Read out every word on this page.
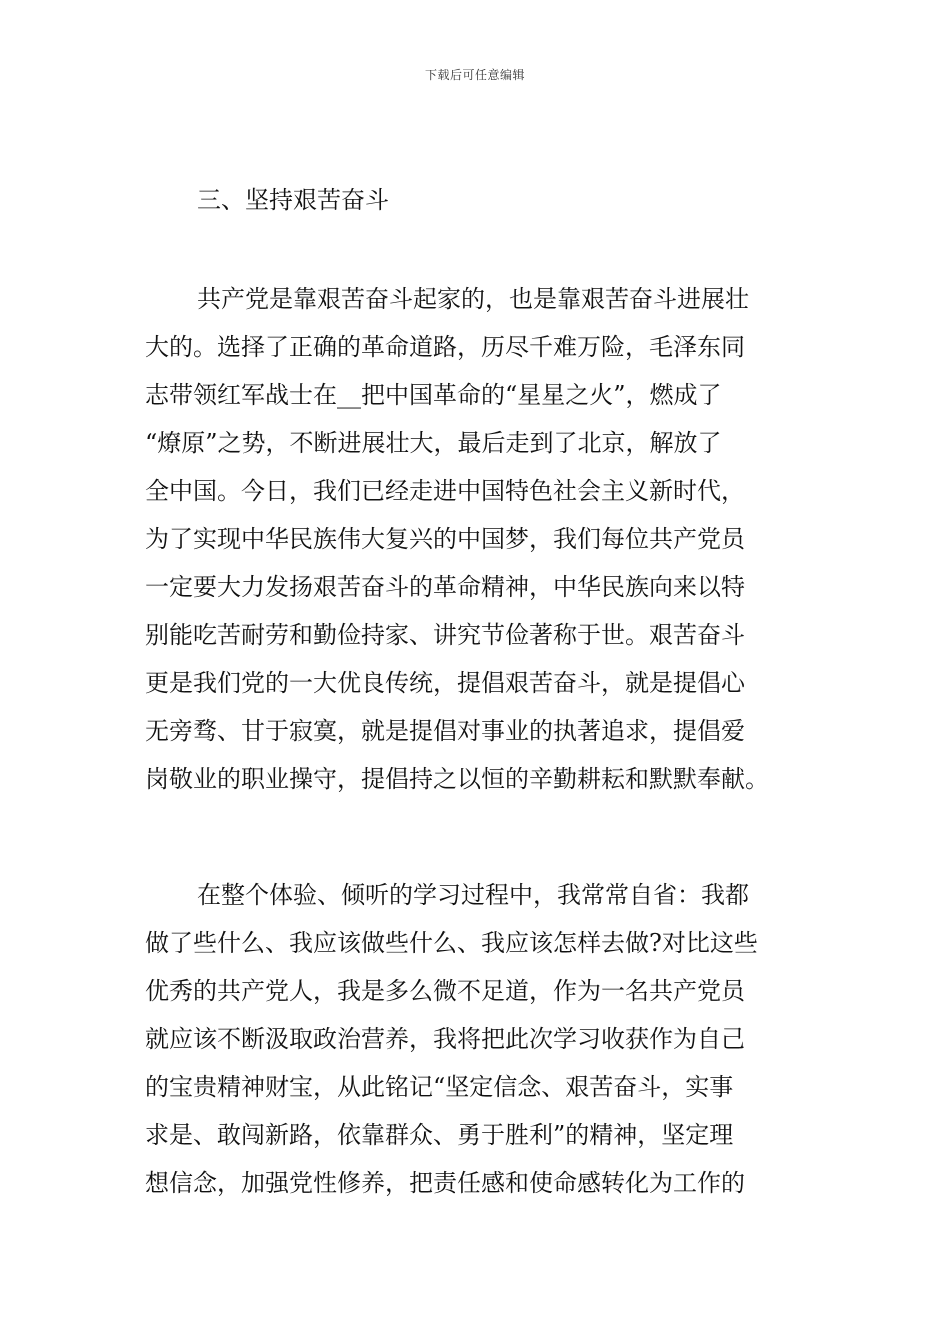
下载后可任意编辑
三、坚持艰苦奋斗
共产党是靠艰苦奋斗起家的，也是靠艰苦奋斗进展壮
大的。选择了正确的革命道路，历尽千难万险，毛泽东同
志带领红军战士在__把中国革命的“星星之火”，燃成了
“燎原”之势，不断进展壮大，最后走到了北京，解放了
全中国。今日，我们已经走进中国特色社会主义新时代，
为了实现中华民族伟大复兴的中国梦，我们每位共产党员
一定要大力发扬艰苦奋斗的革命精神，中华民族向来以特
别能吃苦耐劳和勤俭持家、讲究节俭著称于世。艰苦奋斗
更是我们党的一大优良传统，提倡艰苦奋斗，就是提倡心
无旁骛、甘于寂寞，就是提倡对事业的执著追求，提倡爱
岗敬业的职业操守，提倡持之以恒的辛勤耕耘和默默奉献。
在整个体验、倾听的学习过程中，我常常自省：我都
做了些什么、我应该做些什么、我应该怎样去做?对比这些
优秀的共产党人，我是多么微不足道，作为一名共产党员
就应该不断汲取政治营养，我将把此次学习收获作为自己
的宝贵精神财宝，从此铭记“坚定信念、艰苦奋斗，实事
求是、敢闯新路，依靠群众、勇于胜利”的精神，坚定理
想信念，加强党性修养，把责任感和使命感转化为工作的
